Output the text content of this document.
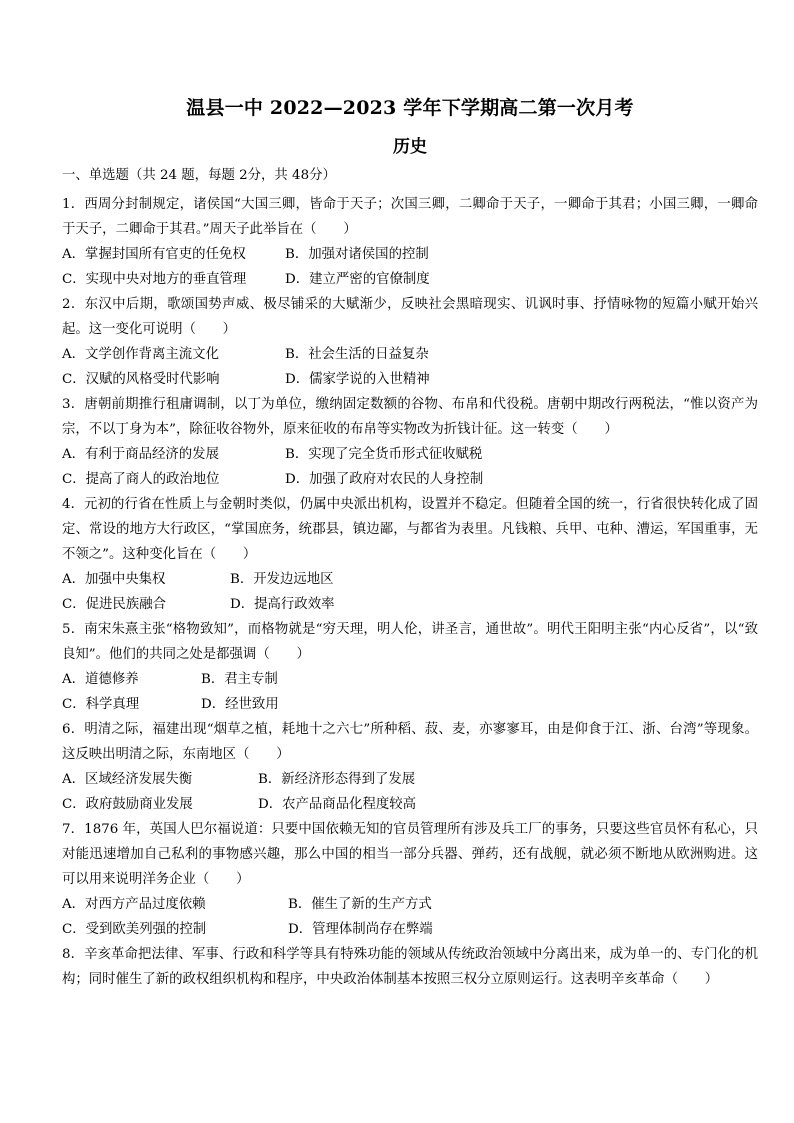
温县一中 2022—2023 学年下学期高二第一次月考
历史
一、单选题（共 24 题，每题 2分，共 48分）

1．西周分封制规定，诸侯国“大国三卿，皆命于天子；次国三卿，二卿命于天子，一卿命于其君；小国三卿，一卿命于天子，二卿命于其君。”周天子此举旨在（　　）

A．掌握封国所有官吏的任免权	B．加强对诸侯国的控制
C．实现中央对地方的垂直管理	D．建立严密的官僚制度

2．东汉中后期，歌颂国势声威、极尽铺采的大赋渐少，反映社会黑暗现实、讥讽时事、抒情咏物的短篇小赋开始兴起。这一变化可说明（　　）

A．文学创作背离主流文化	B．社会生活的日益复杂
C．汉赋的风格受时代影响	D．儒家学说的入世精神

3．唐朝前期推行租庸调制，以丁为单位，缴纳固定数额的谷物、布帛和代役税。唐朝中期改行两税法，“惟以资产为宗，不以丁身为本”，除征收谷物外，原来征收的布帛等实物改为折钱计征。这一转变（　　）

A．有利于商品经济的发展	B．实现了完全货币形式征收赋税
C．提高了商人的政治地位	D．加强了政府对农民的人身控制

4．元初的行省在性质上与金朝时类似，仍属中央派出机构，设置并不稳定。但随着全国的统一，行省很快转化成了固定、常设的地方大行政区，“掌国庶务，统郡县，镇边鄙，与都省为表里。凡钱粮、兵甲、屯种、漕运，军国重事，无不领之”。这种变化旨在（　　）

A．加强中央集权	B．开发边远地区
C．促进民族融合	D．提高行政效率

5．南宋朱熹主张“格物致知”，而格物就是“穷天理，明人伦，讲圣言，通世故”。明代王阳明主张“内心反省”，以“致良知”。他们的共同之处是都强调（　　）

A．道德修养	B．君主专制
C．科学真理	D．经世致用

6．明清之际，福建出现“烟草之植，耗地十之六七”所种稻、菽、麦，亦寥寥耳，由是仰食于江、浙、台湾”等现象。这反映出明清之际，东南地区（　　）

A．区域经济发展失衡	B．新经济形态得到了发展
C．政府鼓励商业发展	D．农产品商品化程度较高

7．1876 年，英国人巴尔福说道：只要中国依赖无知的官员管理所有涉及兵工厂的事务，只要这些官员怀有私心，只对能迅速增加自己私利的事物感兴趣，那么中国的相当一部分兵器、弹药，还有战舰，就必须不断地从欧洲购进。这可以用来说明洋务企业（　　）

A．对西方产品过度依赖	B．催生了新的生产方式
C．受到欧美列强的控制	D．管理体制尚存在弊端

8．辛亥革命把法律、军事、行政和科学等具有特殊功能的领域从传统政治领域中分离出来，成为单一的、专门化的机构；同时催生了新的政权组织机构和程序，中央政治体制基本按照三权分立原则运行。这表明辛亥革命（　　）
